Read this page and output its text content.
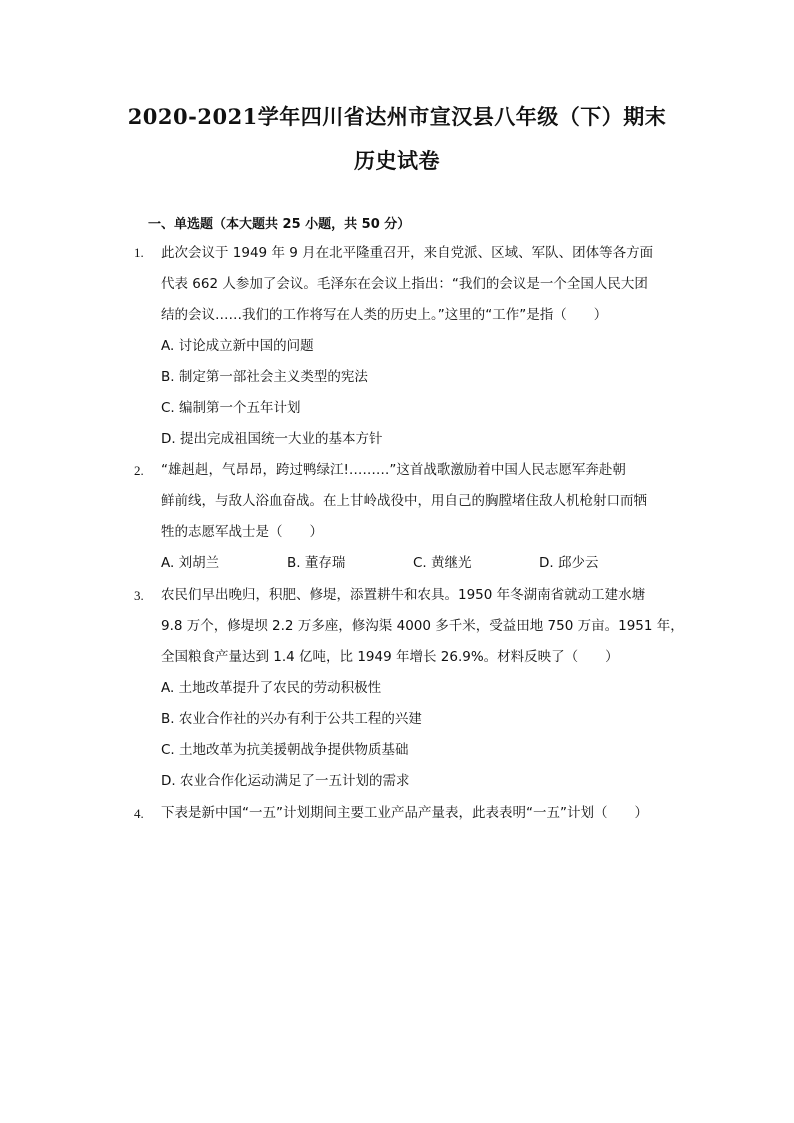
2020-2021学年四川省达州市宣汉县八年级（下）期末
历史试卷
一、单选题（本大题共 25 小题，共 50 分）
1. 此次会议于 1949 年 9 月在北平隆重召开，来自党派、区域、军队、团体等各方面
代表 662 人参加了会议。毛泽东在会议上指出：“我们的会议是一个全国人民大团
结的会议……我们的工作将写在人类的历史上。”这里的“工作”是指（　　）
A. 讨论成立新中国的问题
B. 制定第一部社会主义类型的宪法
C. 编制第一个五年计划
D. 提出完成祖国统一大业的基本方针
2. “雄赳赳，气昂昂，跨过鸭绿江!………”这首战歌激励着中国人民志愿军奔赴朝
鲜前线，与敌人浴血奋战。在上甘岭战役中，用自己的胸膛堵住敌人机枪射口而牺
牲的志愿军战士是（　　）
A. 刘胡兰	B. 董存瑞	C. 黄继光	D. 邱少云
3. 农民们早出晚归，积肥、修堤，添置耕牛和农具。1950 年冬湖南省就动工建水塘
9.8 万个，修堤坝 2.2 万多座，修沟渠 4000 多千米，受益田地 750 万亩。1951 年，
全国粮食产量达到 1.4 亿吨，比 1949 年增长 26.9%。材料反映了（　　）
A. 土地改革提升了农民的劳动积极性
B. 农业合作社的兴办有利于公共工程的兴建
C. 土地改革为抗美援朝战争提供物质基础
D. 农业合作化运动满足了一五计划的需求
4. 下表是新中国“一五”计划期间主要工业产品产量表，此表表明“一五”计划（　　）
